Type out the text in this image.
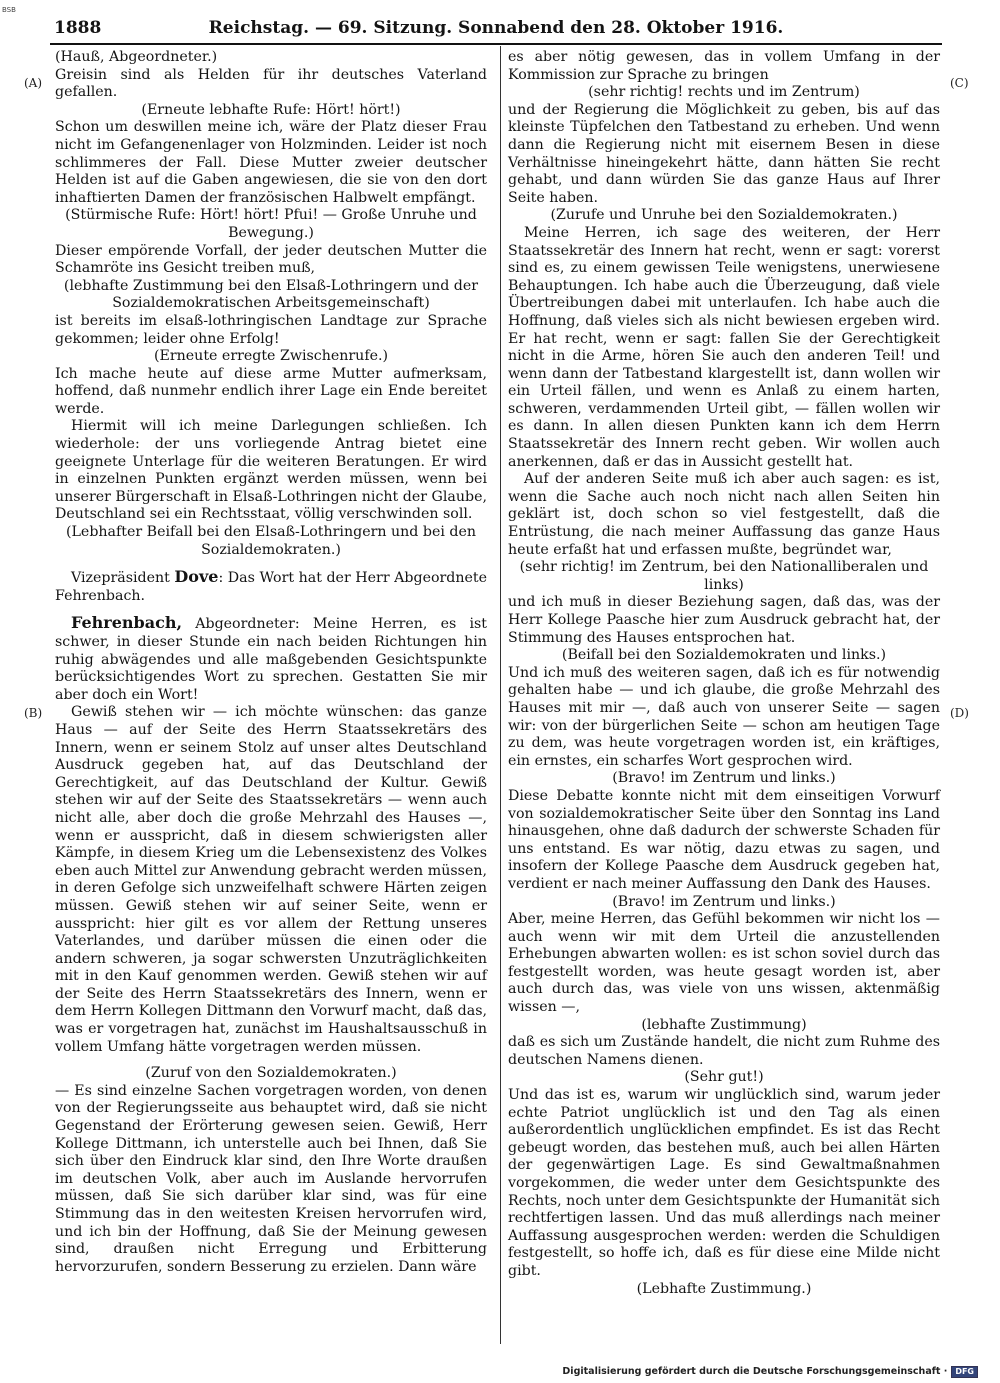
BSB
1888	Reichstag. — 69. Sitzung. Sonnabend den 28. Oktober 1916.
(A)
(B)
(C)
(D)

(Hauß, Abgeordneter.)

Greisin sind als Helden für ihr deutsches Vaterland gefallen.

(Erneute lebhafte Rufe: Hört! hört!)

Schon um deswillen meine ich, wäre der Platz dieser Frau nicht im Gefangenenlager von Holzminden. Leider ist noch schlimmeres der Fall. Diese Mutter zweier deutscher Helden ist auf die Gaben angewiesen, die sie von den dort inhaftierten Damen der französischen Halbwelt empfängt.

(Stürmische Rufe: Hört! hört! Pfui! — Große Unruhe und Bewegung.)

Dieser empörende Vorfall, der jeder deutschen Mutter die Schamröte ins Gesicht treiben muß,

(lebhafte Zustimmung bei den Elsaß-Lothringern und der Sozialdemokratischen Arbeitsgemeinschaft)

ist bereits im elsaß-lothringischen Landtage zur Sprache gekommen; leider ohne Erfolg!

(Erneute erregte Zwischenrufe.)

Ich mache heute auf diese arme Mutter aufmerksam, hoffend, daß nunmehr endlich ihrer Lage ein Ende bereitet werde.

Hiermit will ich meine Darlegungen schließen. Ich wiederhole: der uns vorliegende Antrag bietet eine geeignete Unterlage für die weiteren Beratungen. Er wird in einzelnen Punkten ergänzt werden müssen, wenn bei unserer Bürgerschaft in Elsaß-Lothringen nicht der Glaube, Deutschland sei ein Rechtsstaat, völlig verschwinden soll.

(Lebhafter Beifall bei den Elsaß-Lothringern und bei den Sozialdemokraten.)

Vizepräsident Dove: Das Wort hat der Herr Abgeordnete Fehrenbach.

Fehrenbach, Abgeordneter: Meine Herren, es ist schwer, in dieser Stunde ein nach beiden Richtungen hin ruhig abwägendes und alle maßgebenden Gesichtspunkte berücksichtigendes Wort zu sprechen. Gestatten Sie mir aber doch ein Wort!

Gewiß stehen wir — ich möchte wünschen: das ganze Haus — auf der Seite des Herrn Staatssekretärs des Innern, wenn er seinem Stolz auf unser altes Deutschland Ausdruck gegeben hat, auf das Deutschland der Gerechtigkeit, auf das Deutschland der Kultur. Gewiß stehen wir auf der Seite des Staatssekretärs — wenn auch nicht alle, aber doch die große Mehrzahl des Hauses —, wenn er ausspricht, daß in diesem schwierigsten aller Kämpfe, in diesem Krieg um die Lebensexistenz des Volkes eben auch Mittel zur Anwendung gebracht werden müssen, in deren Gefolge sich unzweifelhaft schwere Härten zeigen müssen. Gewiß stehen wir auf seiner Seite, wenn er ausspricht: hier gilt es vor allem der Rettung unseres Vaterlandes, und darüber müssen die einen oder die andern schweren, ja sogar schwersten Unzuträglichkeiten mit in den Kauf genommen werden. Gewiß stehen wir auf der Seite des Herrn Staatssekretärs des Innern, wenn er dem Herrn Kollegen Dittmann den Vorwurf macht, daß das, was er vorgetragen hat, zunächst im Haushaltsausschuß in vollem Umfang hätte vorgetragen werden müssen.

(Zuruf von den Sozialdemokraten.)

— Es sind einzelne Sachen vorgetragen worden, von denen von der Regierungsseite aus behauptet wird, daß sie nicht Gegenstand der Erörterung gewesen seien. Gewiß, Herr Kollege Dittmann, ich unterstelle auch bei Ihnen, daß Sie sich über den Eindruck klar sind, den Ihre Worte draußen im deutschen Volk, aber auch im Auslande hervorrufen müssen, daß Sie sich darüber klar sind, was für eine Stimmung das in den weitesten Kreisen hervorrufen wird, und ich bin der Hoffnung, daß Sie der Meinung gewesen sind, draußen nicht Erregung und Erbitterung hervorzurufen, sondern Besserung zu erzielen. Dann wäre

es aber nötig gewesen, das in vollem Umfang in der Kommission zur Sprache zu bringen

(sehr richtig! rechts und im Zentrum)

und der Regierung die Möglichkeit zu geben, bis auf das kleinste Tüpfelchen den Tatbestand zu erheben. Und wenn dann die Regierung nicht mit eisernem Besen in diese Verhältnisse hineingekehrt hätte, dann hätten Sie recht gehabt, und dann würden Sie das ganze Haus auf Ihrer Seite haben.

(Zurufe und Unruhe bei den Sozialdemokraten.)

Meine Herren, ich sage des weiteren, der Herr Staatssekretär des Innern hat recht, wenn er sagt: vorerst sind es, zu einem gewissen Teile wenigstens, unerwiesene Behauptungen. Ich habe auch die Überzeugung, daß viele Übertreibungen dabei mit unterlaufen. Ich habe auch die Hoffnung, daß vieles sich als nicht bewiesen ergeben wird. Er hat recht, wenn er sagt: fallen Sie der Gerechtigkeit nicht in die Arme, hören Sie auch den anderen Teil! und wenn dann der Tatbestand klargestellt ist, dann wollen wir ein Urteil fällen, und wenn es Anlaß zu einem harten, schweren, verdammenden Urteil gibt, — fällen wollen wir es dann. In allen diesen Punkten kann ich dem Herrn Staatssekretär des Innern recht geben. Wir wollen auch anerkennen, daß er das in Aussicht gestellt hat.

Auf der anderen Seite muß ich aber auch sagen: es ist, wenn die Sache auch noch nicht nach allen Seiten hin geklärt ist, doch schon so viel festgestellt, daß die Entrüstung, die nach meiner Auffassung das ganze Haus heute erfaßt hat und erfassen mußte, begründet war,

(sehr richtig! im Zentrum, bei den Nationalliberalen und links)

und ich muß in dieser Beziehung sagen, daß das, was der Herr Kollege Paasche hier zum Ausdruck gebracht hat, der Stimmung des Hauses entsprochen hat.

(Beifall bei den Sozialdemokraten und links.)

Und ich muß des weiteren sagen, daß ich es für notwendig gehalten habe — und ich glaube, die große Mehrzahl des Hauses mit mir —, daß auch von unserer Seite — sagen wir: von der bürgerlichen Seite — schon am heutigen Tage zu dem, was heute vorgetragen worden ist, ein kräftiges, ein ernstes, ein scharfes Wort gesprochen wird.

(Bravo! im Zentrum und links.)

Diese Debatte konnte nicht mit dem einseitigen Vorwurf von sozialdemokratischer Seite über den Sonntag ins Land hinausgehen, ohne daß dadurch der schwerste Schaden für uns entstand. Es war nötig, dazu etwas zu sagen, und insofern der Kollege Paasche dem Ausdruck gegeben hat, verdient er nach meiner Auffassung den Dank des Hauses.

(Bravo! im Zentrum und links.)

Aber, meine Herren, das Gefühl bekommen wir nicht los — auch wenn wir mit dem Urteil die anzustellenden Erhebungen abwarten wollen: es ist schon soviel durch das festgestellt worden, was heute gesagt worden ist, aber auch durch das, was viele von uns wissen, aktenmäßig wissen —,

(lebhafte Zustimmung)

daß es sich um Zustände handelt, die nicht zum Ruhme des deutschen Namens dienen.

(Sehr gut!)

Und das ist es, warum wir unglücklich sind, warum jeder echte Patriot unglücklich ist und den Tag als einen außerordentlich unglücklichen empfindet. Es ist das Recht gebeugt worden, das bestehen muß, auch bei allen Härten der gegenwärtigen Lage. Es sind Gewaltmaßnahmen vorgekommen, die weder unter dem Gesichtspunkte des Rechts, noch unter dem Gesichtspunkte der Humanität sich rechtfertigen lassen. Und das muß allerdings nach meiner Auffassung ausgesprochen werden: werden die Schuldigen festgestellt, so hoffe ich, daß es für diese eine Milde nicht gibt.

(Lebhafte Zustimmung.)

Digitalisierung gefördert durch die Deutsche Forschungsgemeinschaft · DFG
